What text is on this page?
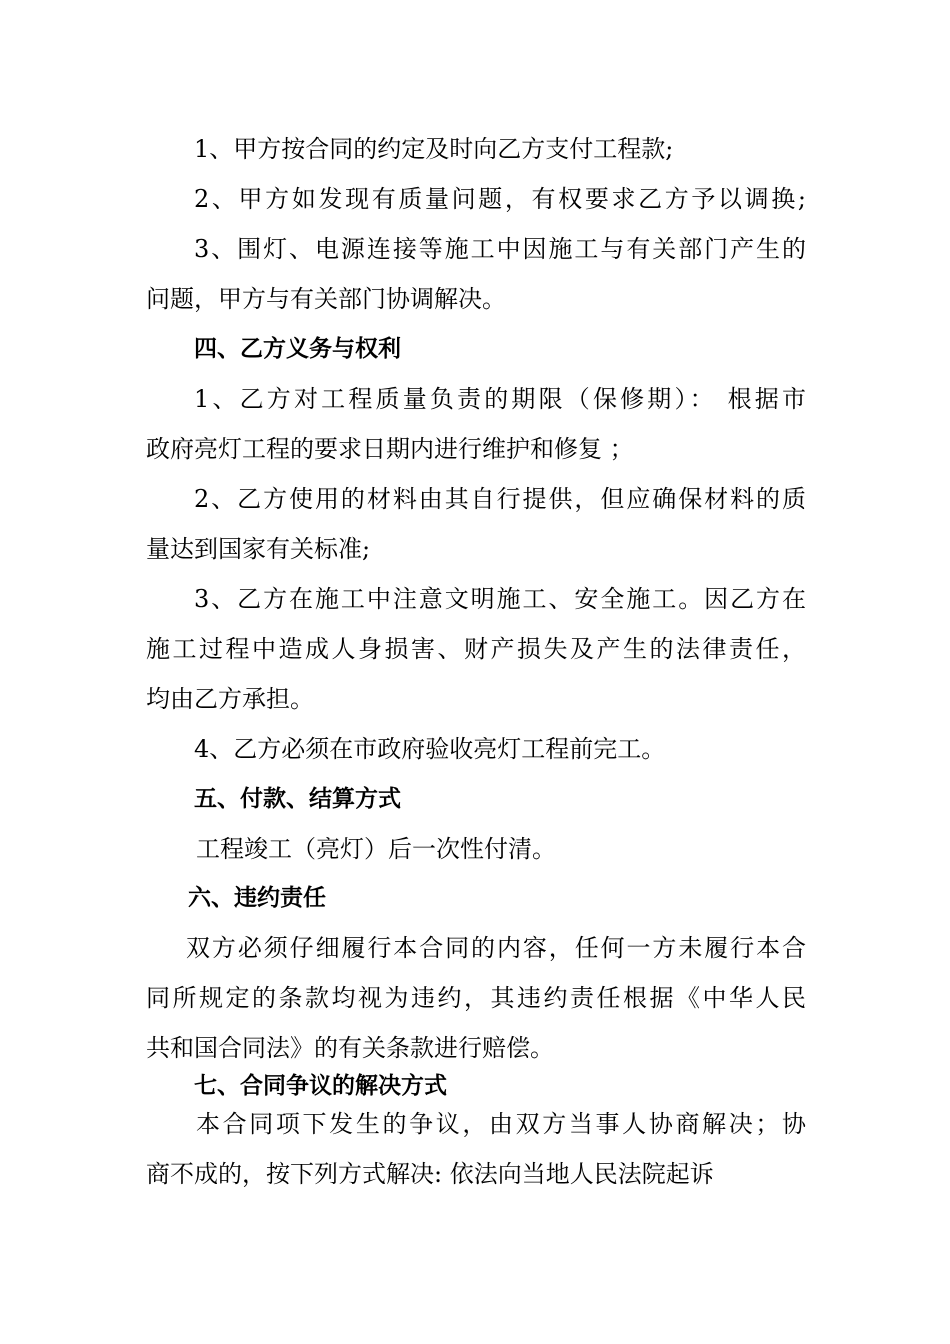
1、甲方按合同的约定及时向乙方支付工程款;
2、甲方如发现有质量问题，有权要求乙方予以调换;
3、围灯、电源连接等施工中因施工与有关部门产生的
问题，甲方与有关部门协调解决。
四、乙方义务与权利
1、乙方对工程质量负责的期限（保修期）： 根据市
政府亮灯工程的要求日期内进行维护和修复 ；
2、乙方使用的材料由其自行提供，但应确保材料的质
量达到国家有关标准;
3、乙方在施工中注意文明施工、安全施工。因乙方在
施工过程中造成人身损害、财产损失及产生的法律责任，
均由乙方承担。
4、乙方必须在市政府验收亮灯工程前完工。
五、付款、结算方式
工程竣工（亮灯）后一次性付清。
六、违约责任
双方必须仔细履行本合同的内容，任何一方未履行本合
同所规定的条款均视为违约，其违约责任根据《中华人民
共和国合同法》的有关条款进行赔偿。
七、合同争议的解决方式
本合同项下发生的争议，由双方当事人协商解决；协
商不成的，按下列方式解决: 依法向当地人民法院起诉
